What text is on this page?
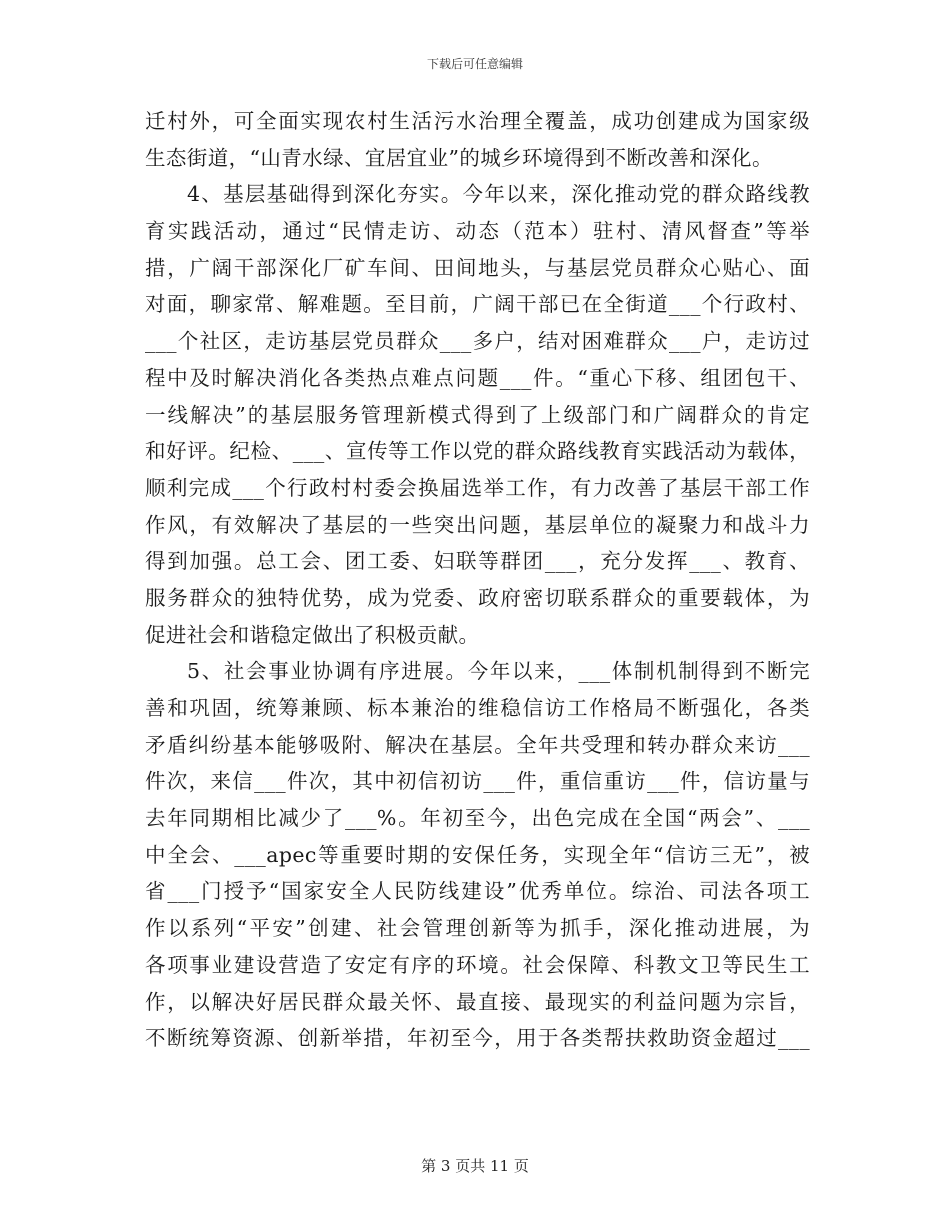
下载后可任意编辑
迁村外，可全面实现农村生活污水治理全覆盖，成功创建成为国家级
生态街道，“山青水绿、宜居宜业”的城乡环境得到不断改善和深化。
4、基层基础得到深化夯实。今年以来，深化推动党的群众路线教
育实践活动，通过“民情走访、动态（范本）驻村、清风督查”等举
措，广阔干部深化厂矿车间、田间地头，与基层党员群众心贴心、面
对面，聊家常、解难题。至目前，广阔干部已在全街道___个行政村、
___个社区，走访基层党员群众___多户，结对困难群众___户，走访过
程中及时解决消化各类热点难点问题___件。“重心下移、组团包干、
一线解决”的基层服务管理新模式得到了上级部门和广阔群众的肯定
和好评。纪检、___、宣传等工作以党的群众路线教育实践活动为载体，
顺利完成___个行政村村委会换届选举工作，有力改善了基层干部工作
作风，有效解决了基层的一些突出问题，基层单位的凝聚力和战斗力
得到加强。总工会、团工委、妇联等群团___，充分发挥___、教育、
服务群众的独特优势，成为党委、政府密切联系群众的重要载体，为
促进社会和谐稳定做出了积极贡献。
5、社会事业协调有序进展。今年以来，___体制机制得到不断完
善和巩固，统筹兼顾、标本兼治的维稳信访工作格局不断强化，各类
矛盾纠纷基本能够吸附、解决在基层。全年共受理和转办群众来访___
件次，来信___件次，其中初信初访___件，重信重访___件，信访量与
去年同期相比减少了___%。年初至今，出色完成在全国“两会”、___
中全会、___apec等重要时期的安保任务，实现全年“信访三无”，被
省___门授予“国家安全人民防线建设”优秀单位。综治、司法各项工
作以系列“平安”创建、社会管理创新等为抓手，深化推动进展，为
各项事业建设营造了安定有序的环境。社会保障、科教文卫等民生工
作，以解决好居民群众最关怀、最直接、最现实的利益问题为宗旨，
不断统筹资源、创新举措，年初至今，用于各类帮扶救助资金超过___
第 3 页共 11 页
